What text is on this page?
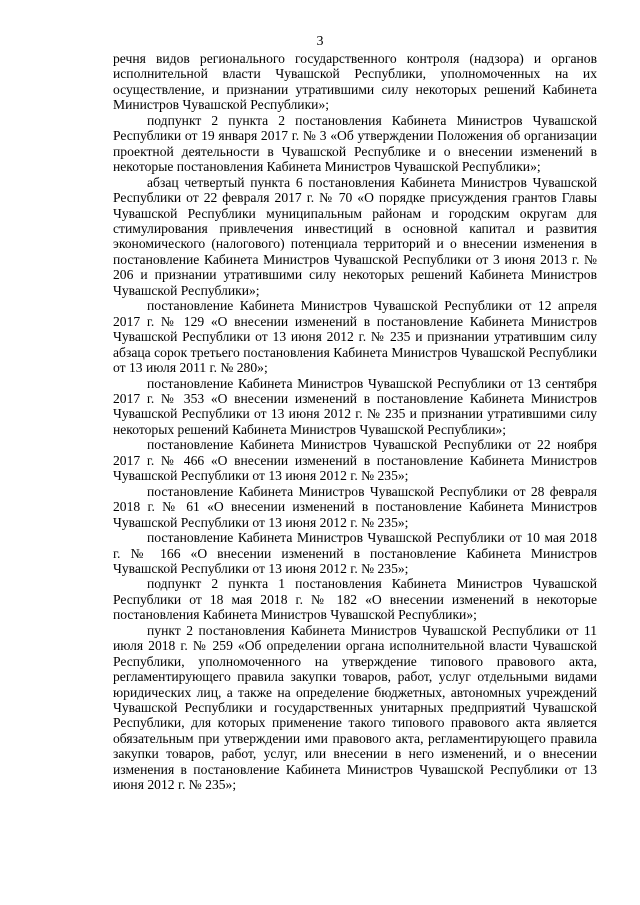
3

речня видов регионального государственного контроля (надзора) и органов исполнительной власти Чувашской Республики, уполномоченных на их осуществление, и признании утратившими силу некоторых решений Кабинета Министров Чувашской Республики»;

подпункт 2 пункта 2 постановления Кабинета Министров Чувашской Республики от 19 января 2017 г. № 3 «Об утверждении Положения об организации проектной деятельности в Чувашской Республике и о внесении изменений в некоторые постановления Кабинета Министров Чувашской Республики»;

абзац четвертый пункта 6 постановления Кабинета Министров Чувашской Республики от 22 февраля 2017 г. № 70 «О порядке присуждения грантов Главы Чувашской Республики муниципальным районам и городским округам для стимулирования привлечения инвестиций в основной капитал и развития экономического (налогового) потенциала территорий и о внесении изменения в постановление Кабинета Министров Чувашской Республики от 3 июня 2013 г. № 206 и признании утратившими силу некоторых решений Кабинета Министров Чувашской Республики»;

постановление Кабинета Министров Чувашской Республики от 12 апреля 2017 г. № 129 «О внесении изменений в постановление Кабинета Министров Чувашской Республики от 13 июня 2012 г. № 235 и признании утратившим силу абзаца сорок третьего постановления Кабинета Министров Чувашской Республики от 13 июля 2011 г. № 280»;

постановление Кабинета Министров Чувашской Республики от 13 сентября 2017 г. № 353 «О внесении изменений в постановление Кабинета Министров Чувашской Республики от 13 июня 2012 г. № 235 и признании утратившими силу некоторых решений Кабинета Министров Чувашской Республики»;

постановление Кабинета Министров Чувашской Республики от 22 ноября 2017 г. № 466 «О внесении изменений в постановление Кабинета Министров Чувашской Республики от 13 июня 2012 г. № 235»;

постановление Кабинета Министров Чувашской Республики от 28 февраля 2018 г. № 61 «О внесении изменений в постановление Кабинета Министров Чувашской Республики от 13 июня 2012 г. № 235»;

постановление Кабинета Министров Чувашской Республики от 10 мая 2018 г. № 166 «О внесении изменений в постановление Кабинета Министров Чувашской Республики от 13 июня 2012 г. № 235»;

подпункт 2 пункта 1 постановления Кабинета Министров Чувашской Республики от 18 мая 2018 г. № 182 «О внесении изменений в некоторые постановления Кабинета Министров Чувашской Республики»;

пункт 2 постановления Кабинета Министров Чувашской Республики от 11 июля 2018 г. № 259 «Об определении органа исполнительной власти Чувашской Республики, уполномоченного на утверждение типового правового акта, регламентирующего правила закупки товаров, работ, услуг отдельными видами юридических лиц, а также на определение бюджетных, автономных учреждений Чувашской Республики и государственных унитарных предприятий Чувашской Республики, для которых применение такого типового правового акта является обязательным при утверждении ими правового акта, регламентирующего правила закупки товаров, работ, услуг, или внесении в него изменений, и о внесении изменения в постановление Кабинета Министров Чувашской Республики от 13 июня 2012 г. № 235»;
